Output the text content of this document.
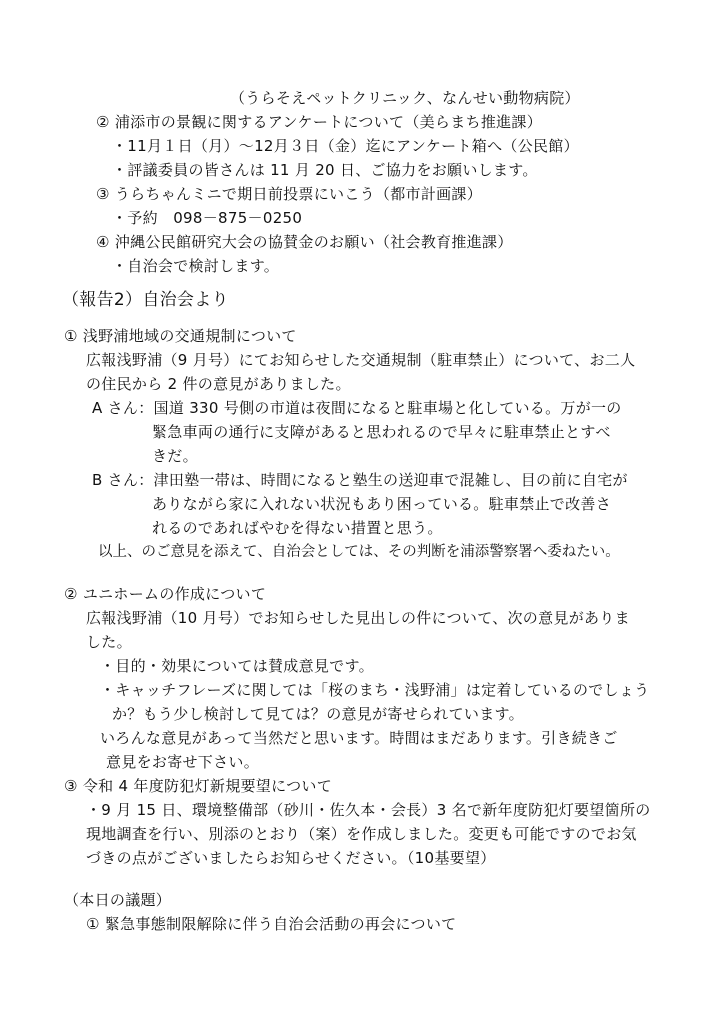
（うらそえペットクリニック、なんせい動物病院）
② 浦添市の景観に関するアンケートについて（美らまち推進課）
・11月１日（月）～12月３日（金）迄にアンケート箱へ（公民館）
・評議委員の皆さんは 11 月 20 日、ご協力をお願いします。
③ うらちゃんミニで期日前投票にいこう（都市計画課）
・予約　098－875－0250
④ 沖縄公民館研究大会の協賛金のお願い（社会教育推進課）
・自治会で検討します。
（報告2）自治会より
① 浅野浦地域の交通規制について
広報浅野浦（9 月号）にてお知らせした交通規制（駐車禁止）について、お二人
の住民から 2 件の意見がありました。
A さん：国道 330 号側の市道は夜間になると駐車場と化している。万が一の
緊急車両の通行に支障があると思われるので早々に駐車禁止とすべ
きだ。
B さん：津田塾一帯は、時間になると塾生の送迎車で混雑し、目の前に自宅が
ありながら家に入れない状況もあり困っている。駐車禁止で改善さ
れるのであればやむを得ない措置と思う。
以上、のご意見を添えて、自治会としては、その判断を浦添警察署へ委ねたい。
② ユニホームの作成について
広報浅野浦（10 月号）でお知らせした見出しの件について、次の意見がありま
した。
・目的・効果については賛成意見です。
・キャッチフレーズに関しては「桜のまち・浅野浦」は定着しているのでしょう
か？もう少し検討して見ては？の意見が寄せられています。
いろんな意見があって当然だと思います。時間はまだあります。引き続きご
意見をお寄せ下さい。
③ 令和 4 年度防犯灯新規要望について
・9 月 15 日、環境整備部（砂川・佐久本・会長）3 名で新年度防犯灯要望箇所の
現地調査を行い、別添のとおり（案）を作成しました。変更も可能ですのでお気
づきの点がございましたらお知らせください。（10基要望）
（本日の議題）
① 緊急事態制限解除に伴う自治会活動の再会について
